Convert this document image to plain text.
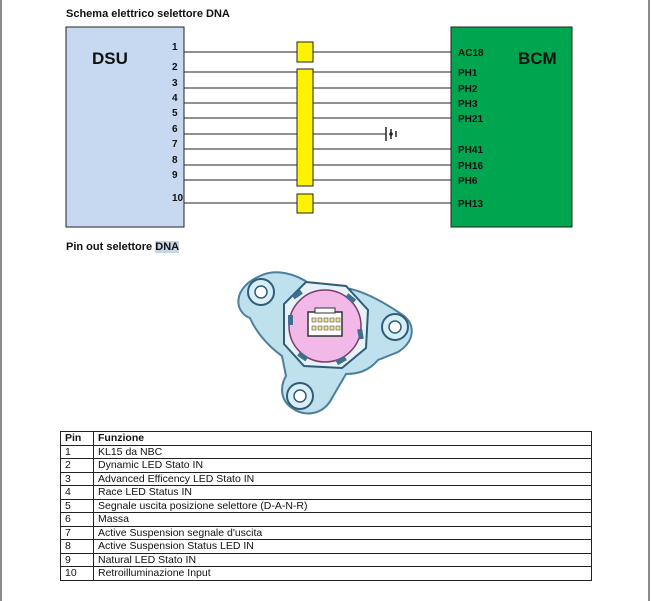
Schema elettrico selettore DNA
DSU	BCM
1
AC18
2
PH1
3
PH2
4
PH3
5
PH21
6
7
PH41
8
PH16
9
PH6
10
PH13
Pin out selettore DNA
Pin	Funzione
1	KL15 da NBC
2	Dynamic LED Stato IN
3	Advanced Efficency LED Stato IN
4	Race LED Status IN
5	Segnale uscita posizione selettore (D-A-N-R)
6	Massa
7	Active Suspension segnale d'uscita
8	Active Suspension Status LED IN
9	Natural LED Stato IN
10	Retroilluminazione Input
